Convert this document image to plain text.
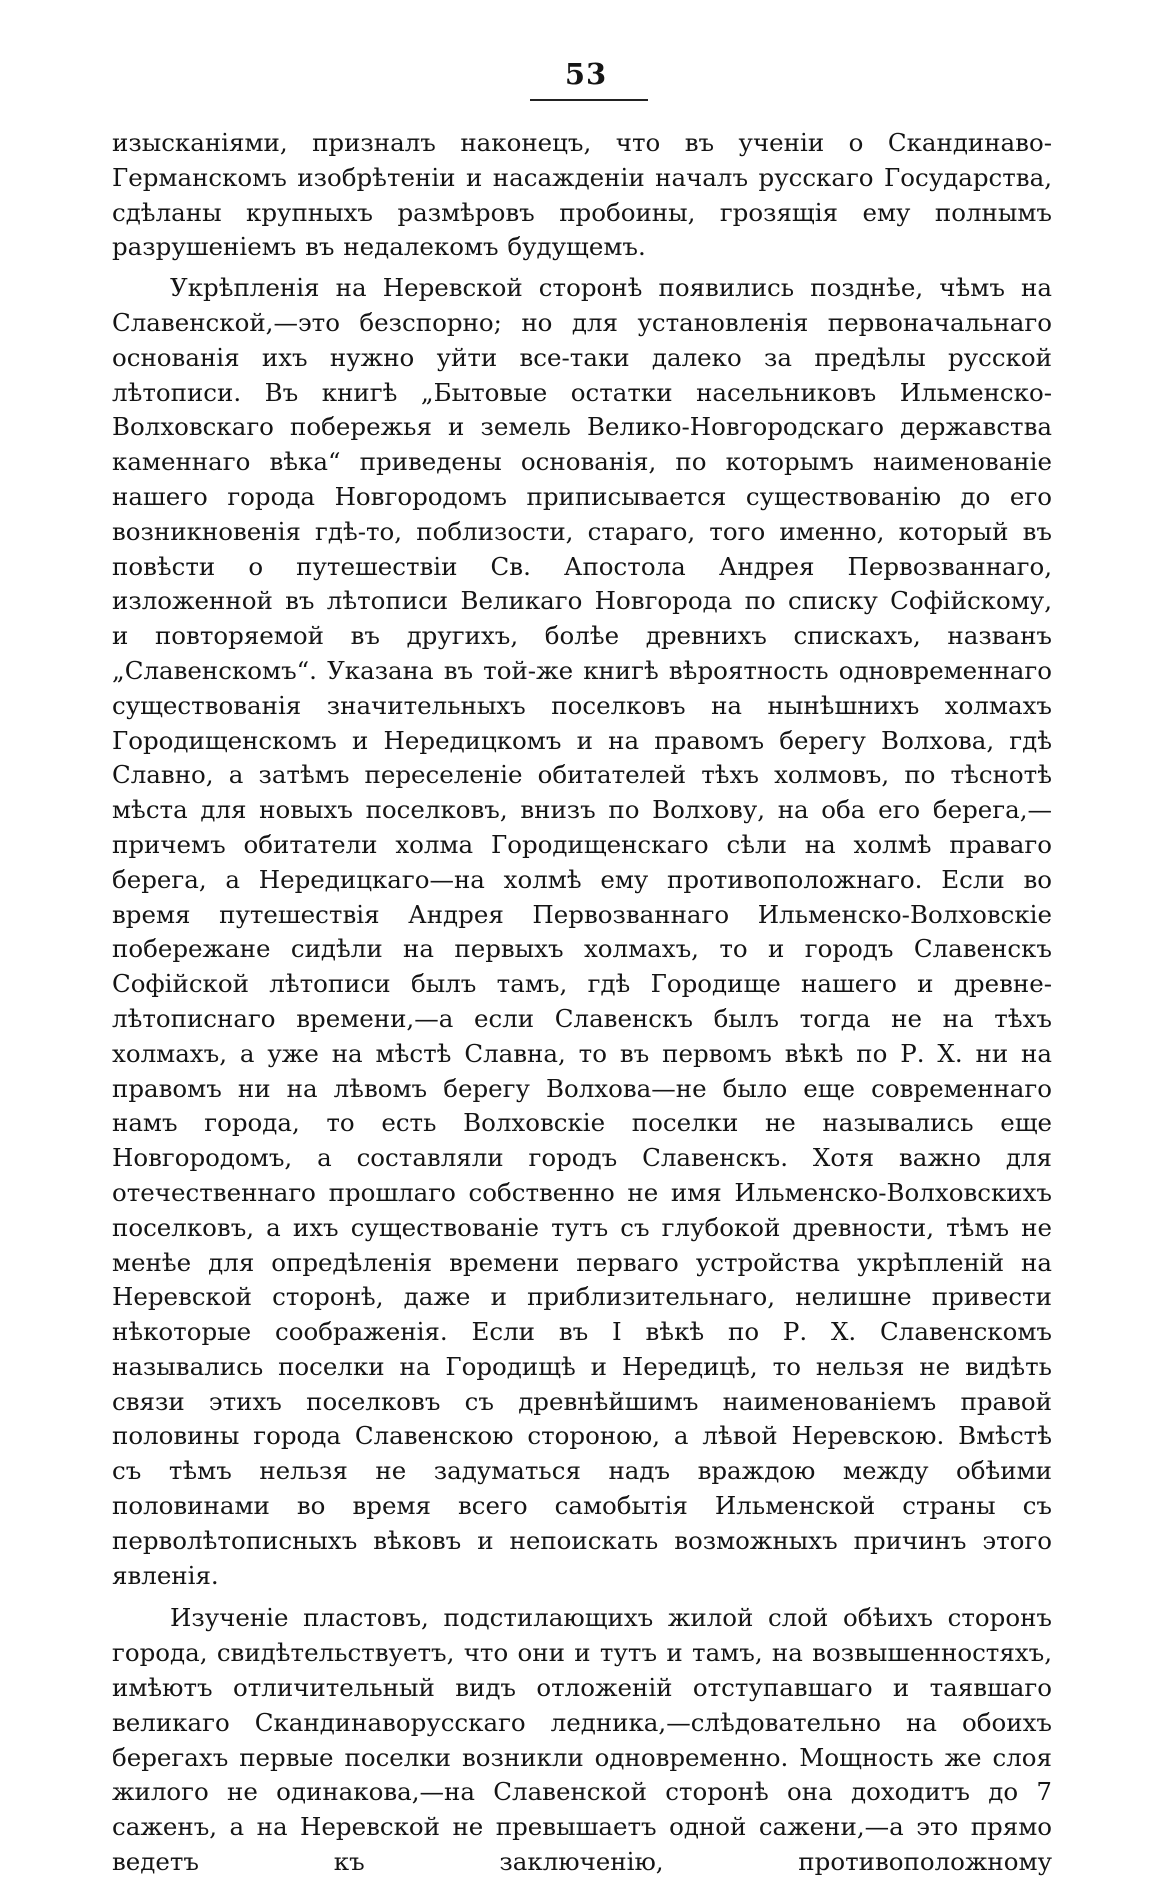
53

изысканіями, призналъ наконецъ, что въ ученіи о Скандинаво-Германскомъ изобрѣтеніи и насажденіи началъ русскаго Государства, сдѣланы крупныхъ размѣровъ пробоины, грозящія ему полнымъ разрушеніемъ въ недалекомъ будущемъ.

Укрѣпленія на Неревской сторонѣ появились позднѣе, чѣмъ на Славенской,—это безспорно; но для установленія первоначальнаго основанія ихъ нужно уйти все-таки далеко за предѣлы русской лѣтописи. Въ книгѣ „Бытовые остатки насельниковъ Ильменско-Волховскаго побережья и земель Велико-Новгородскаго державства каменнаго вѣка“ приведены основанія, по которымъ наименованіе нашего города Новгородомъ приписывается существованію до его возникновенія гдѣ-то, поблизости, стараго, того именно, который въ повѣсти о путешествіи Св. Апостола Андрея Первозваннаго, изложенной въ лѣтописи Великаго Новгорода по списку Софійскому, и повторяемой въ другихъ, болѣе древнихъ спискахъ, названъ „Славенскомъ“. Указана въ той-же книгѣ вѣроятность одновременнаго существованія значительныхъ поселковъ на нынѣшнихъ холмахъ Городищенскомъ и Нередицкомъ и на правомъ берегу Волхова, гдѣ Славно, а затѣмъ переселеніе обитателей тѣхъ холмовъ, по тѣснотѣ мѣста для новыхъ поселковъ, внизъ по Волхову, на оба его берега,—причемъ обитатели холма Городищенскаго сѣли на холмѣ праваго берега, а Нередицкаго—на холмѣ ему противоположнаго. Если во время путешествія Андрея Первозваннаго Ильменско-Волховскіе побережане сидѣли на первыхъ холмахъ, то и городъ Славенскъ Софійской лѣтописи былъ тамъ, гдѣ Городище нашего и древне-лѣтописнаго времени,—а если Славенскъ былъ тогда не на тѣхъ холмахъ, а уже на мѣстѣ Славна, то въ первомъ вѣкѣ по Р. Х. ни на правомъ ни на лѣвомъ берегу Волхова—не было еще современнаго намъ города, то есть Волховскіе поселки не назывались еще Новгородомъ, а составляли городъ Славенскъ. Хотя важно для отечественнаго прошлаго собственно не имя Ильменско-Волховскихъ поселковъ, а ихъ существованіе тутъ съ глубокой древности, тѣмъ не менѣе для опредѣленія времени перваго устройства укрѣпленій на Неревской сторонѣ, даже и приблизительнаго, нелишне привести нѣкоторые соображенія. Если въ I вѣкѣ по Р. Х. Славенскомъ назывались поселки на Городищѣ и Нередицѣ, то нельзя не видѣть связи этихъ поселковъ съ древнѣйшимъ наименованіемъ правой половины города Славенскою стороною, а лѣвой Неревскою. Вмѣстѣ съ тѣмъ нельзя не задуматься надъ враждою между обѣими половинами во время всего самобытія Ильменской страны съ перволѣтописныхъ вѣковъ и непоискать возможныхъ причинъ этого явленія.

Изученіе пластовъ, подстилающихъ жилой слой обѣихъ сторонъ города, свидѣтельствуетъ, что они и тутъ и тамъ, на возвышенностяхъ, имѣютъ отличительный видъ отложеній отступавшаго и таявшаго великаго Скандинаворусскаго ледника,—слѣдовательно на обоихъ берегахъ первые поселки возникли одновременно. Мощность же слоя жилого не одинакова,—на Славенской сторонѣ она доходитъ до 7 саженъ, а на Неревской не превышаетъ одной сажени,—а это прямо ведетъ къ заключенію, противоположному
